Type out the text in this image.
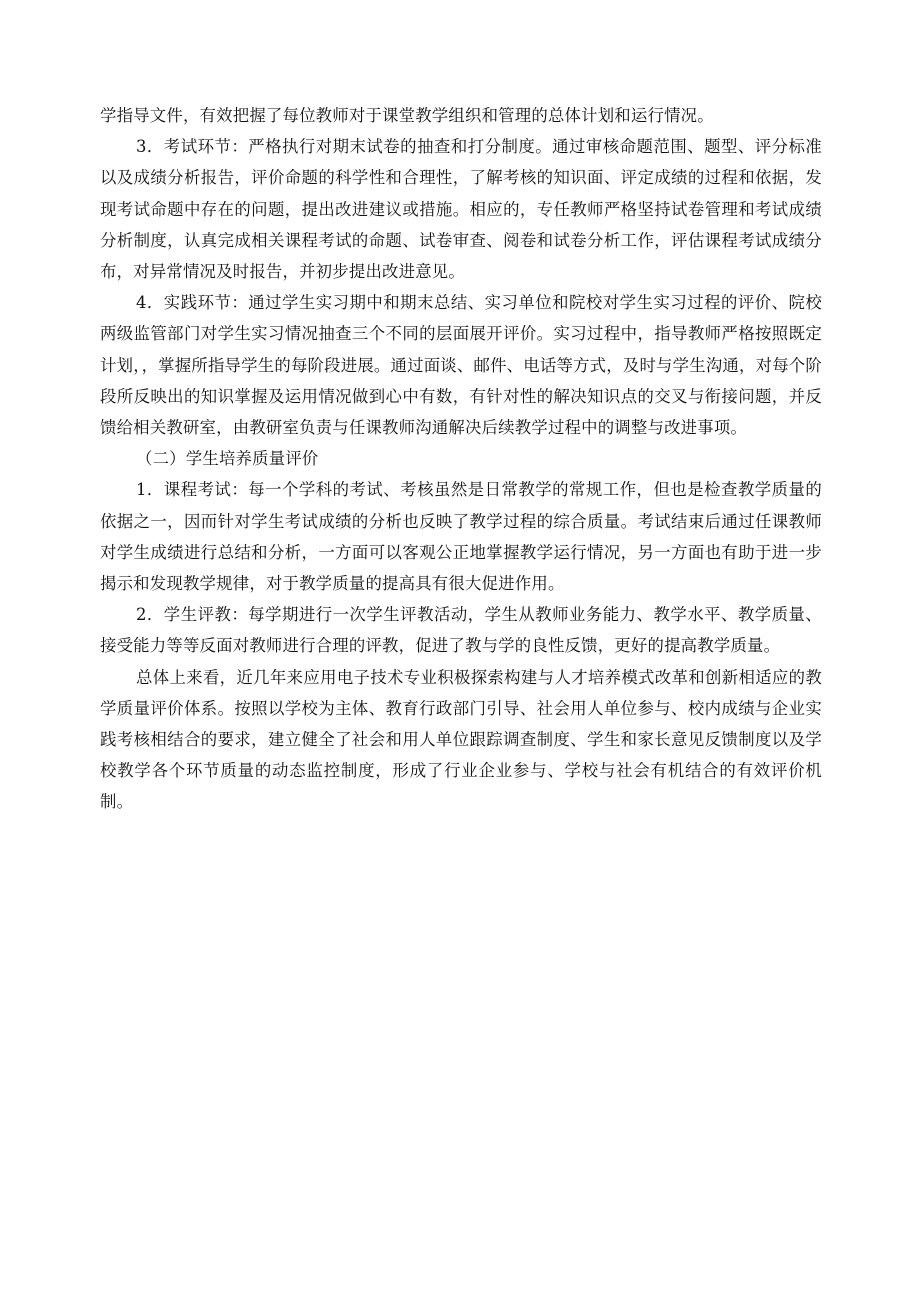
学指导文件，有效把握了每位教师对于课堂教学组织和管理的总体计划和运行情况。

3．考试环节：严格执行对期末试卷的抽查和打分制度。通过审核命题范围、题型、评分标准以及成绩分析报告，评价命题的科学性和合理性，了解考核的知识面、评定成绩的过程和依据，发现考试命题中存在的问题，提出改进建议或措施。相应的，专任教师严格坚持试卷管理和考试成绩分析制度，认真完成相关课程考试的命题、试卷审查、阅卷和试卷分析工作，评估课程考试成绩分布，对异常情况及时报告，并初步提出改进意见。

4．实践环节：通过学生实习期中和期末总结、实习单位和院校对学生实习过程的评价、院校两级监管部门对学生实习情况抽查三个不同的层面展开评价。实习过程中，指导教师严格按照既定计划，，掌握所指导学生的每阶段进展。通过面谈、邮件、电话等方式，及时与学生沟通，对每个阶段所反映出的知识掌握及运用情况做到心中有数，有针对性的解决知识点的交叉与衔接问题，并反馈给相关教研室，由教研室负责与任课教师沟通解决后续教学过程中的调整与改进事项。

（二）学生培养质量评价

1．课程考试：每一个学科的考试、考核虽然是日常教学的常规工作，但也是检查教学质量的依据之一，因而针对学生考试成绩的分析也反映了教学过程的综合质量。考试结束后通过任课教师对学生成绩进行总结和分析，一方面可以客观公正地掌握教学运行情况，另一方面也有助于进一步揭示和发现教学规律，对于教学质量的提高具有很大促进作用。

2．学生评教：每学期进行一次学生评教活动，学生从教师业务能力、教学水平、教学质量、接受能力等等反面对教师进行合理的评教，促进了教与学的良性反馈，更好的提高教学质量。

总体上来看，近几年来应用电子技术专业积极探索构建与人才培养模式改革和创新相适应的教学质量评价体系。按照以学校为主体、教育行政部门引导、社会用人单位参与、校内成绩与企业实践考核相结合的要求，建立健全了社会和用人单位跟踪调查制度、学生和家长意见反馈制度以及学校教学各个环节质量的动态监控制度，形成了行业企业参与、学校与社会有机结合的有效评价机制。
